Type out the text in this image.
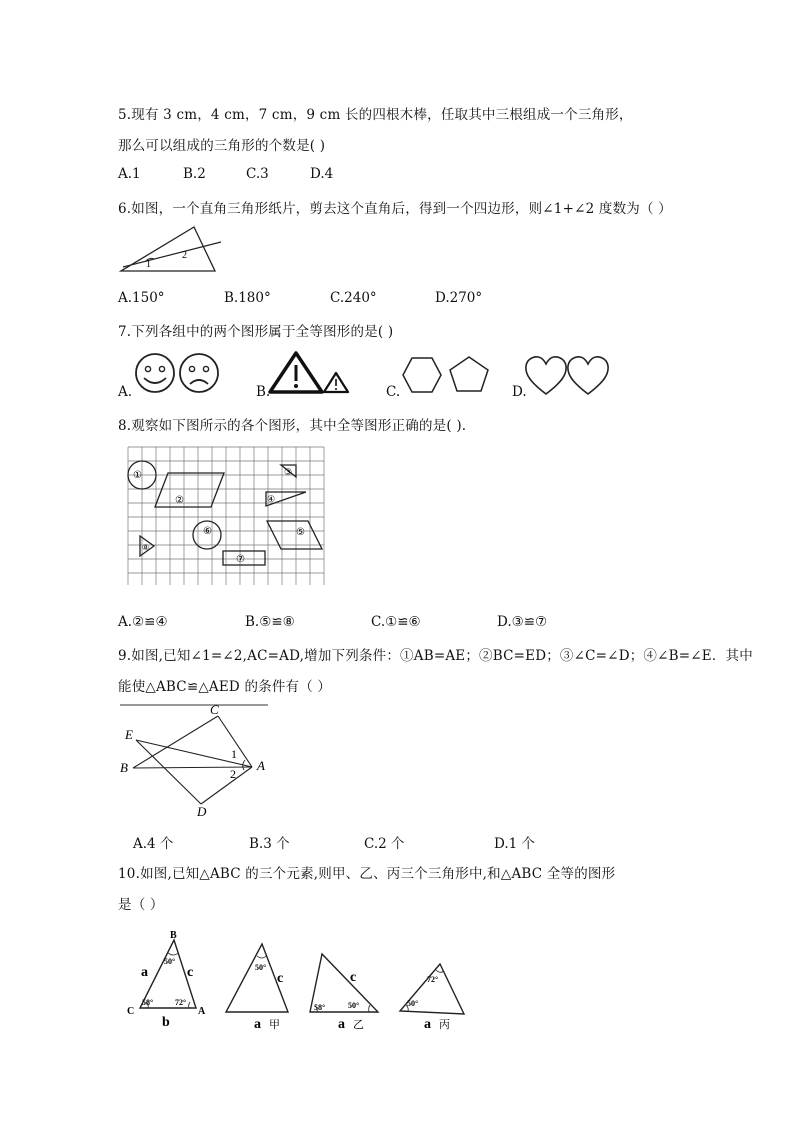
5.现有 3 cm，4 cm，7 cm，9 cm 长的四根木棒，任取其中三根组成一个三角形，
那么可以组成的三角形的个数是( )
A.1	B.2	C.3	D.4
6.如图，一个直角三角形纸片，剪去这个直角后，得到一个四边形，则∠1+∠2 度数为（ ）
1
2
A.150°	B.180°	C.240°	D.270°
7.下列各组中的两个图形属于全等图形的是( )
A.	B.	C.	D.
8.观察如下图所示的各个图形，其中全等图形正确的是( ).
①
②
③
④
⑤
⑥
⑦
⑧
A.②≌④	B.⑤≌⑧	C.①≌⑥	D.③≌⑦
9.如图,已知∠1=∠2,AC=AD,增加下列条件：①AB=AE；②BC=ED；③∠C=∠D；④∠B=∠E．其中
能使△ABC≌△AED 的条件有（ ）
C
E
B	A
D
1
2
A.4 个	B.3 个	C.2 个	D.1 个
10.如图,已知△ABC 的三个元素,则甲、乙、丙三个三角形中,和△ABC 全等的图形
是（ ）
B
C	A
a
b
c
50°
58°	72°
50°
c
a 甲
c
58°	50°
a 乙
72°
50°
a 丙
